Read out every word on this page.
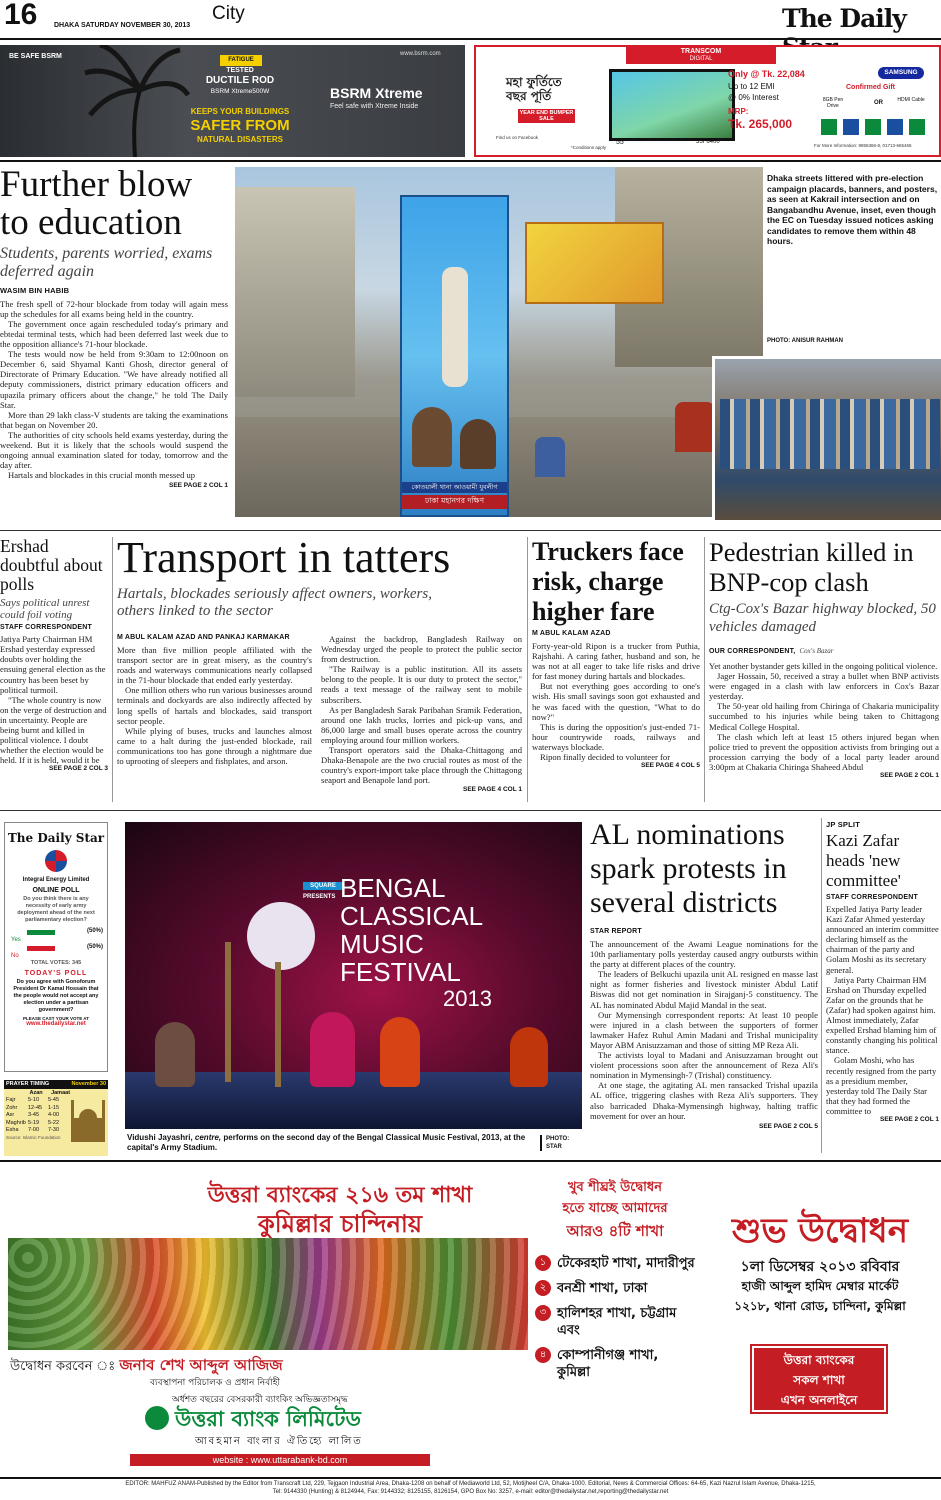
16 DHAKA SATURDAY NOVEMBER 30, 2013
City	The Daily
BE SAFE BSRM	www.bsrm.com
FATIGUE
TESTED
DUCTILE ROD
BSRM Xtreme500W
KEEPS YOUR BUILDINGS
SAFER FROM
NATURAL DISASTERS
BSRM Xtreme
Feel safe with Xtreme Inside
TRANSCOM
DIGITAL
মহা ফুর্তিতে বছর পূর্তি
YEAR END BUMPER SALE
Find us on Facebook
*Conditions apply
55"	55F6400
Only @ Tk. 22,084
Up to 12 EMI
@ 0% Interest
MRP:
Tk. 265,000
SAMSUNG
Confirmed Gift
8GB Pen Drive	OR	HDMI Cable
For More Information: 9855366-8, 01713-665465
Further blow to education
Students, parents worried, exams deferred again
WASIM BIN HABIB

The fresh spell of 72-hour blockade from today will again mess up the schedules for all exams being held in the country.

The government once again rescheduled today's primary and ebtedai terminal tests, which had been deferred last week due to the opposition alliance's 71-hour blockade.

The tests would now be held from 9:30am to 12:00noon on December 6, said Shyamal Kanti Ghosh, director general of Directorate of Primary Education. "We have already notified all deputy commissioners, district primary education officers and upazila primary officers about the change," he told The Daily Star.

More than 29 lakh class-V students are taking the examinations that began on November 20.

The authorities of city schools held exams yesterday, during the weekend. But it is likely that the schools would suspend the ongoing annual examination slated for today, tomorrow and the day after.

Hartals and blockades in this crucial month messed up

SEE PAGE 2 COL 1	কোতয়ালী থানা আওয়ামী যুবলীগ
ঢাকা মহানগর দক্ষিণ
Dhaka streets littered with pre-election campaign placards, banners, and posters, as seen at Kakrail intersection and on Bangabandhu Avenue, inset, even though the EC on Tuesday issued notices asking candidates to remove them within 48 hours.
PHOTO: ANISUR RAHMAN
Ershad doubtful about polls
Says political unrest could foil voting
STAFF CORRESPONDENT

Jatiya Party Chairman HM Ershad yesterday expressed doubts over holding the ensuing general election as the country has been beset by political turmoil.

"The whole country is now on the verge of destruction and in uncertainty. People are being burnt and killed in political violence. I doubt whether the election would be held. If it is held, would it be

SEE PAGE 2 COL 3
Transport in tatters
Hartals, blockades seriously affect owners, workers, others linked to the sector
M ABUL KALAM AZAD AND PANKAJ KARMAKAR

More than five million people affiliated with the transport sector are in great misery, as the country's roads and waterways communications nearly collapsed in the 71-hour blockade that ended early yesterday.

One million others who run various businesses around terminals and dockyards are also indirectly affected by long spells of hartals and blockades, said transport sector people.

While plying of buses, trucks and launches almost came to a halt during the just-ended blockade, rail communications too has gone through a nightmare due to uprooting of sleepers and fishplates, and arson.

Against the backdrop, Bangladesh Railway on Wednesday urged the people to protect the public sector from destruction.

"The Railway is a public institution. All its assets belong to the people. It is our duty to protect the sector," reads a text message of the railway sent to mobile subscribers.

As per Bangladesh Sarak Paribahan Sramik Federation, around one lakh trucks, lorries and pick-up vans, and 86,000 large and small buses operate across the country employing around four million workers.

Transport operators said the Dhaka-Chittagong and Dhaka-Benapole are the two crucial routes as most of the country's export-import take place through the Chittagong seaport and Benapole land port.

SEE PAGE 4 COL 1
Truckers face risk, charge higher fare
M ABUL KALAM AZAD

Forty-year-old Ripon is a trucker from Puthia, Rajshahi. A caring father, husband and son, he was not at all eager to take life risks and drive for fast money during hartals and blockades.

But not everything goes according to one's wish. His small savings soon got exhausted and he was faced with the question, "What to do now?"

This is during the opposition's just-ended 71-hour countrywide roads, railways and waterways blockade.

Ripon finally decided to volunteer for

SEE PAGE 4 COL 5
Pedestrian killed in BNP-cop clash
Ctg-Cox's Bazar highway blocked, 50 vehicles damaged
OUR CORRESPONDENT, Cox's Bazar

Yet another bystander gets killed in the ongoing political violence.

Jager Hossain, 50, received a stray a bullet when BNP activists were engaged in a clash with law enforcers in Cox's Bazar yesterday.

The 50-year old hailing from Chiringa of Chakaria municipality succumbed to his injuries while being taken to Chittagong Medical College Hospital.

The clash which left at least 15 others injured began when police tried to prevent the opposition activists from bringing out a procession carrying the body of a local party leader around 3:00pm at Chakaria Chiringa Shaheed Abdul

SEE PAGE 2 COL 1
The Daily Star
Integral Energy Limited
ONLINE POLL
Do you think there is any necessity of early army deployment ahead of the next parliamentary election?
Yes
(50%)
No
(50%)
TOTAL VOTES: 345
TODAY'S POLL
Do you agree with Gonoforum President Dr Kamal Hossain that the people would not accept any election under a partisan government?
PLEASE CAST YOUR VOTE AT
www.thedailystar.net
PRAYER TIMING	November 30
Azan Jamaat
Fajr 5-10 5-45
Zohr 12-45 1-15
Asr	3-45 4-00
Maghrib 5-19 5-22
Esha 7-00 7-30
Source: Islamic Foundation
SQUARE
PRESENTS BENGAL
CLASSICAL
MUSIC
FESTIVAL
2013
Vidushi Jayashri, centre, performs on the second day of the Bengal Classical Music Festival, 2013, at the capital's Army Stadium.
PHOTO:
STAR
AL nominations spark protests in several districts
STAR REPORT

The announcement of the Awami League nominations for the 10th parliamentary polls yesterday caused angry outbursts within the party at different places of the country.

The leaders of Belkuchi upazila unit AL resigned en masse last night as former fisheries and livestock minister Abdul Latif Biswas did not get nomination in Sirajganj-5 constituency. The AL has nominated Abdul Majid Mandal in the seat.

Our Mymensingh correspondent reports: At least 10 people were injured in a clash between the supporters of former lawmaker Hafez Ruhul Amin Madani and Trishal municipality Mayor ABM Anisuzzaman and those of sitting MP Reza Ali.

The activists loyal to Madani and Anisuzzaman brought out violent processions soon after the announcement of Reza Ali's nomination in Mymensingh-7 (Trishal) constituency.

At one stage, the agitating AL men ransacked Trishal upazila AL office, triggering clashes with Reza Ali's supporters. They also barricaded Dhaka-Mymensingh highway, halting traffic movement for over an hour.

SEE PAGE 2 COL 5
JP SPLIT
Kazi Zafar heads 'new committee'
STAFF CORRESPONDENT

Expelled Jatiya Party leader Kazi Zafar Ahmed yesterday announced an interim committee declaring himself as the chairman of the party and Golam Moshi as its secretary general.

Jatiya Party Chairman HM Ershad on Thursday expelled Zafar on the grounds that he (Zafar) had spoken against him. Almost immediately, Zafar expelled Ershad blaming him of constantly changing his political stance.

Golam Moshi, who has recently resigned from the party as a presidium member, yesterday told The Daily Star that they had formed the committee to

SEE PAGE 2 COL 1
উত্তরা ব্যাংকের ২১৬ তম শাখা
কুমিল্লার চান্দিনায়
উদ্বোধন করবেন ঃ জনাব শেখ আব্দুল আজিজ
ব্যবস্থাপনা পরিচালক ও প্রধান নির্বাহী
অর্ধশত বছরের বেসরকারী ব্যাংকিং অভিজ্ঞতাসমৃদ্ধ
উত্তরা ব্যাংক লিমিটেড
আবহমান বাংলার ঐতিহ্যে লালিত
website : www.uttarabank-bd.com
খুব শীঘ্রই উদ্বোধন
হতে যাচ্ছে আমাদের
আরও ৪টি শাখা
১ টেকেরহাট শাখা, মাদারীপুর
২ বনশ্রী শাখা, ঢাকা
৩ হালিশহর শাখা, চট্টগ্রাম এবং
৪ কোম্পানীগঞ্জ শাখা, কুমিল্লা
শুভ উদ্বোধন
১লা ডিসেম্বর ২০১৩ রবিবার
হাজী আব্দুল হামিদ মেম্বার মার্কেট
১২১৮, থানা রোড, চান্দিনা, কুমিল্লা
উত্তরা ব্যাংকের
সকল শাখা
এখন অনলাইনে
EDITOR: MAHFUZ ANAM-Published by the Editor from Transcraft Ltd, 229, Tejgaon Industrial Area, Dhaka-1208 on behalf of Mediaworld Ltd, 52, Motijheel C/A, Dhaka-1000. Editorial, News & Commercial Offices: 64-65, Kazi Nazrul Islam Avenue, Dhaka-1215,
Tel: 9144330 (Hunting) & 8124944, Fax: 9144332; 8125155, 8126154, GPO Box No: 3257, e-mail: editor@thedailystar.net,reporting@thedailystar.net
